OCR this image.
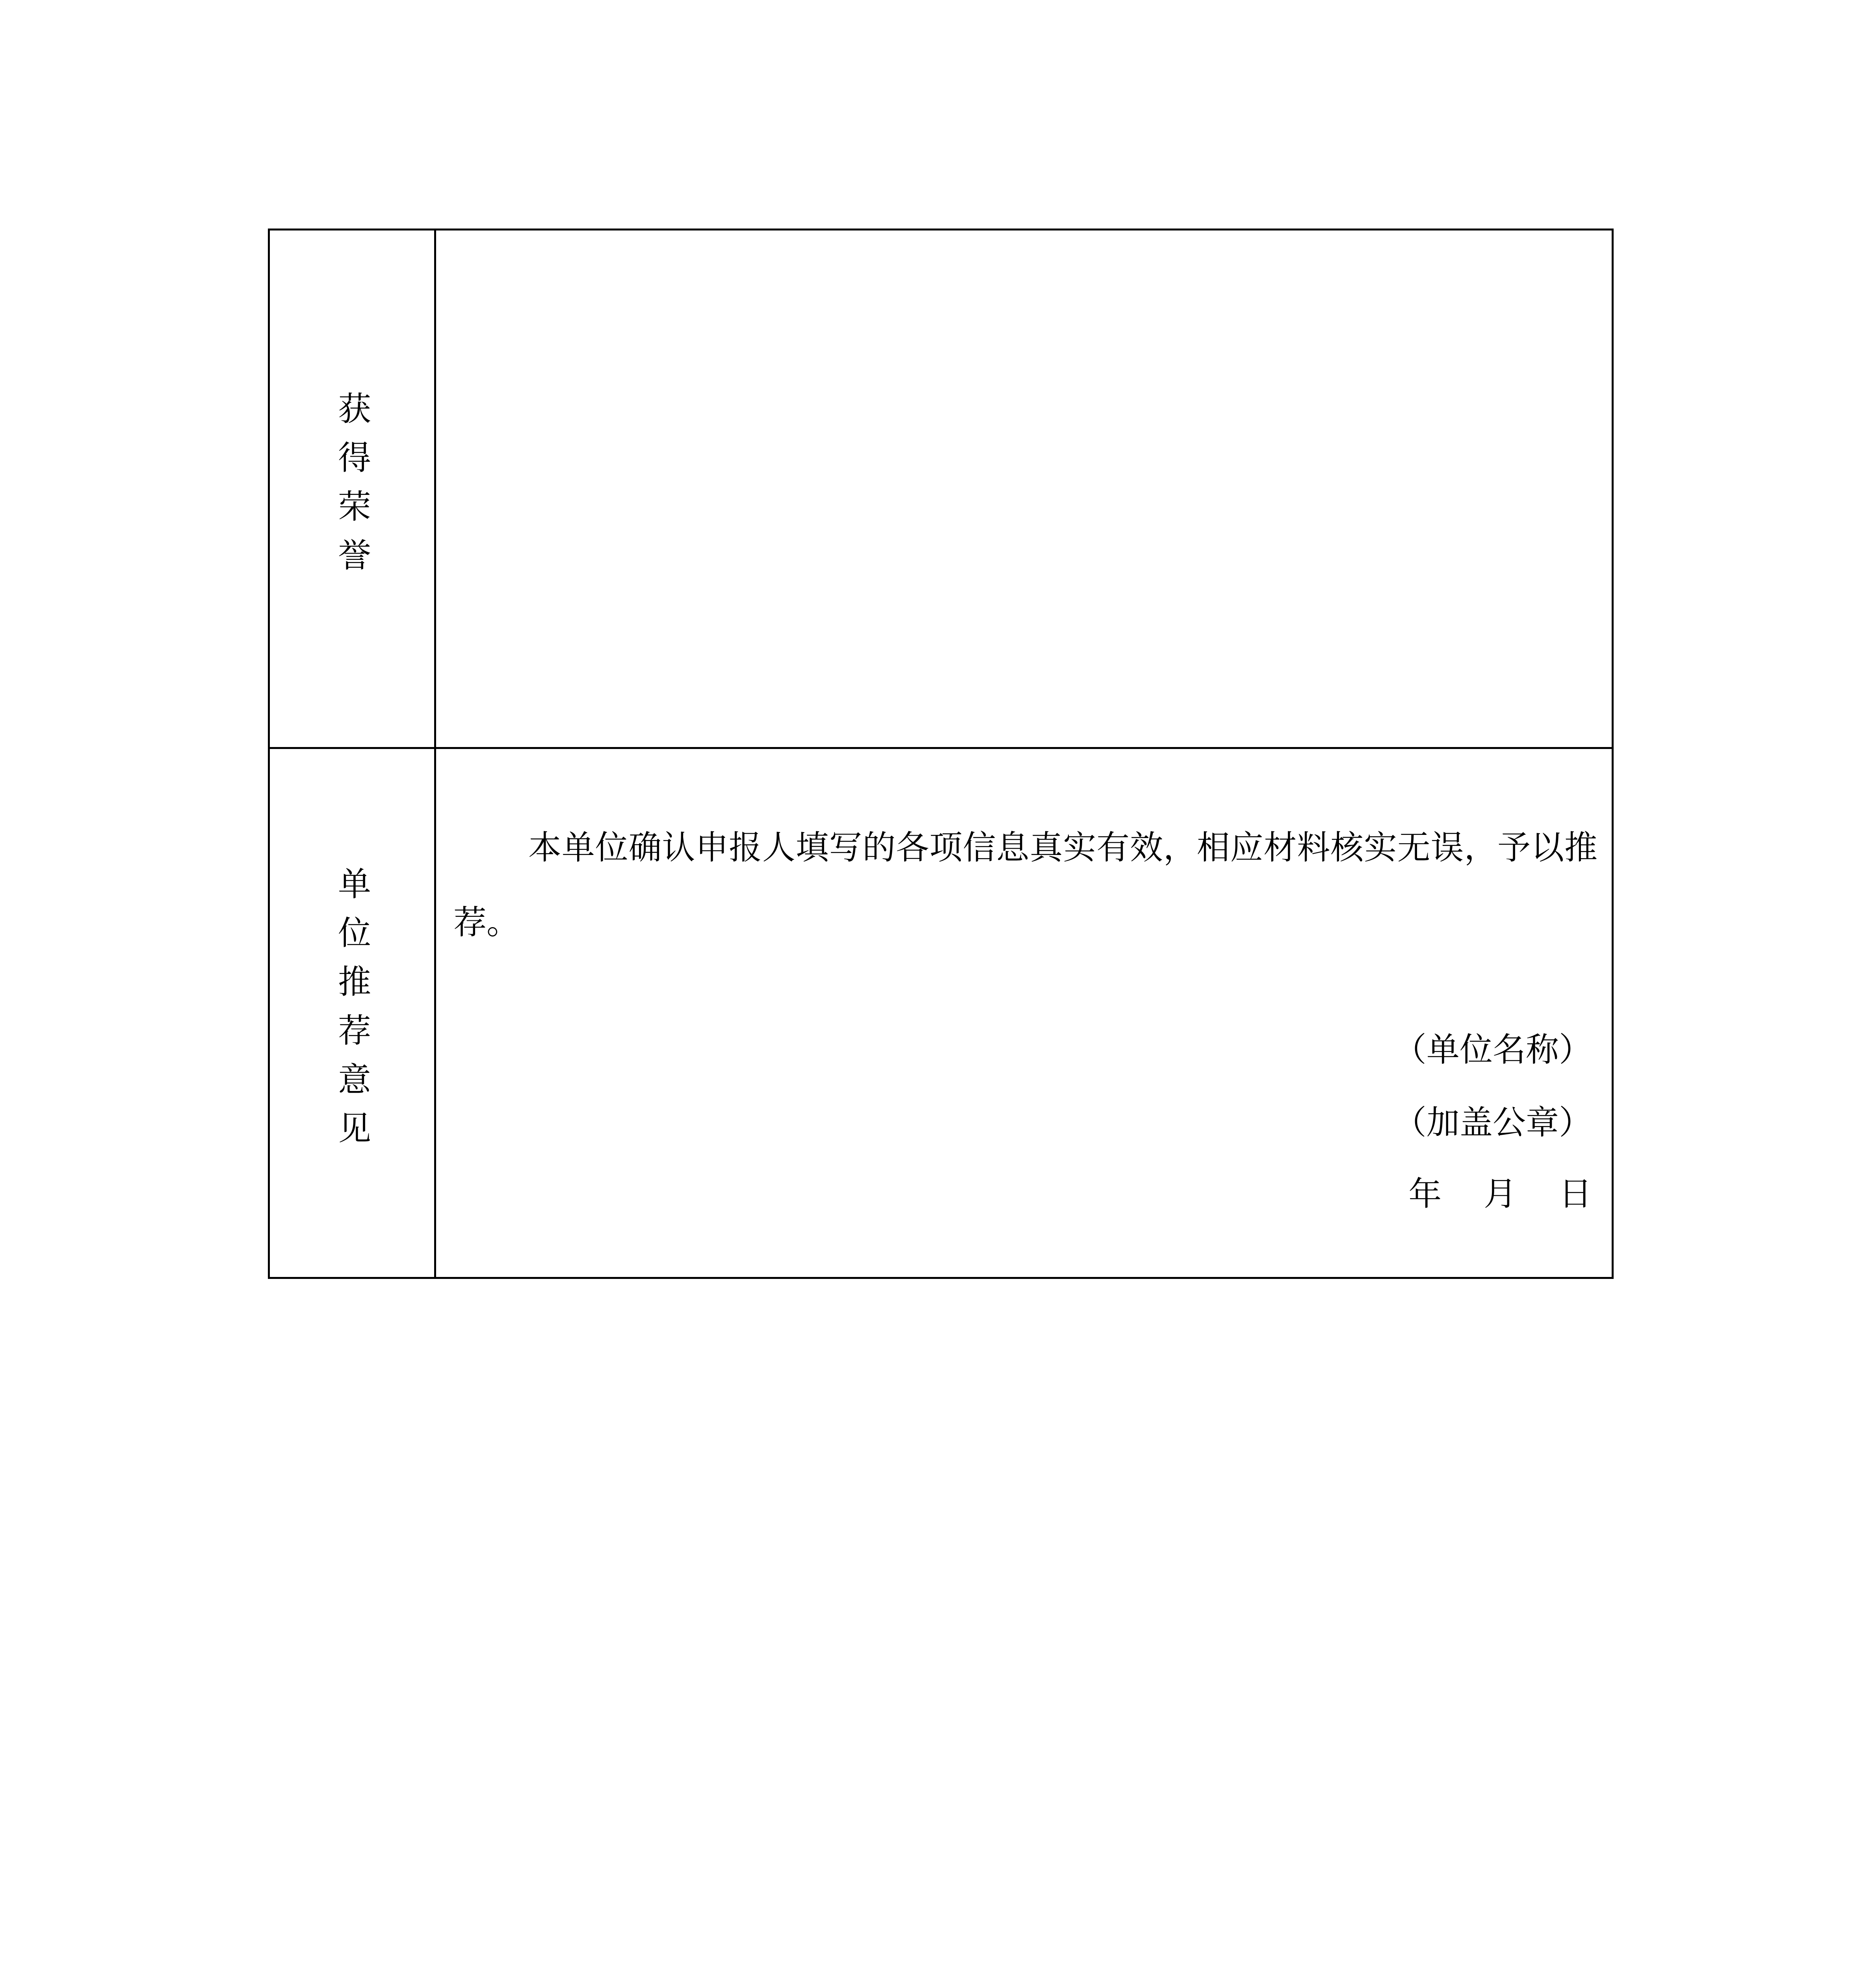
获得荣誉
单位推荐意见

本单位确认申报人填写的各项信息真实有效，相应材料核实无误，予以推荐。

（单位名称）
（加盖公章）
年    月    日
